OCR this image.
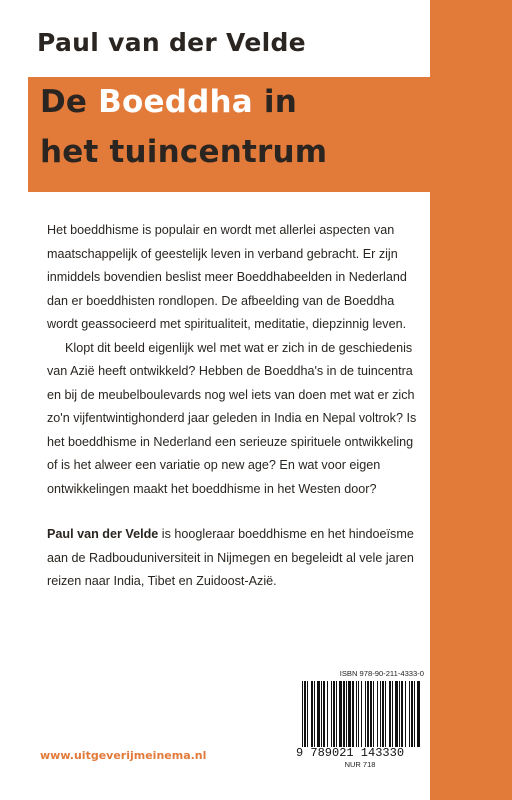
Paul van der Velde
De Boeddha in
het tuincentrum

Het boeddhisme is populair en wordt met allerlei aspecten van maatschappelijk of geestelijk leven in verband gebracht. Er zijn inmiddels bovendien beslist meer Boeddhabeelden in Nederland dan er boeddhisten rondlopen. De afbeelding van de Boeddha wordt geassocieerd met spiritualiteit, meditatie, diepzinnig leven.

Klopt dit beeld eigenlijk wel met wat er zich in de geschiedenis van Azië heeft ontwikkeld? Hebben de Boeddha's in de tuincentra en bij de meubelboulevards nog wel iets van doen met wat er zich zo'n vijfentwintighonderd jaar geleden in India en Nepal voltrok? Is het boeddhisme in Nederland een serieuze spirituele ontwikkeling of is het alweer een variatie op new age? En wat voor eigen ontwikkelingen maakt het boeddhisme in het Westen door?

Paul van der Velde is hoogleraar boeddhisme en het hindoeïsme aan de Radbouduniversiteit in Nijmegen en begeleidt al vele jaren reizen naar India, Tibet en Zuidoost-Azië.

ISBN 978-90-211-4333-0
9 789021 143330
NUR 718
www.uitgeverijmeinema.nl
